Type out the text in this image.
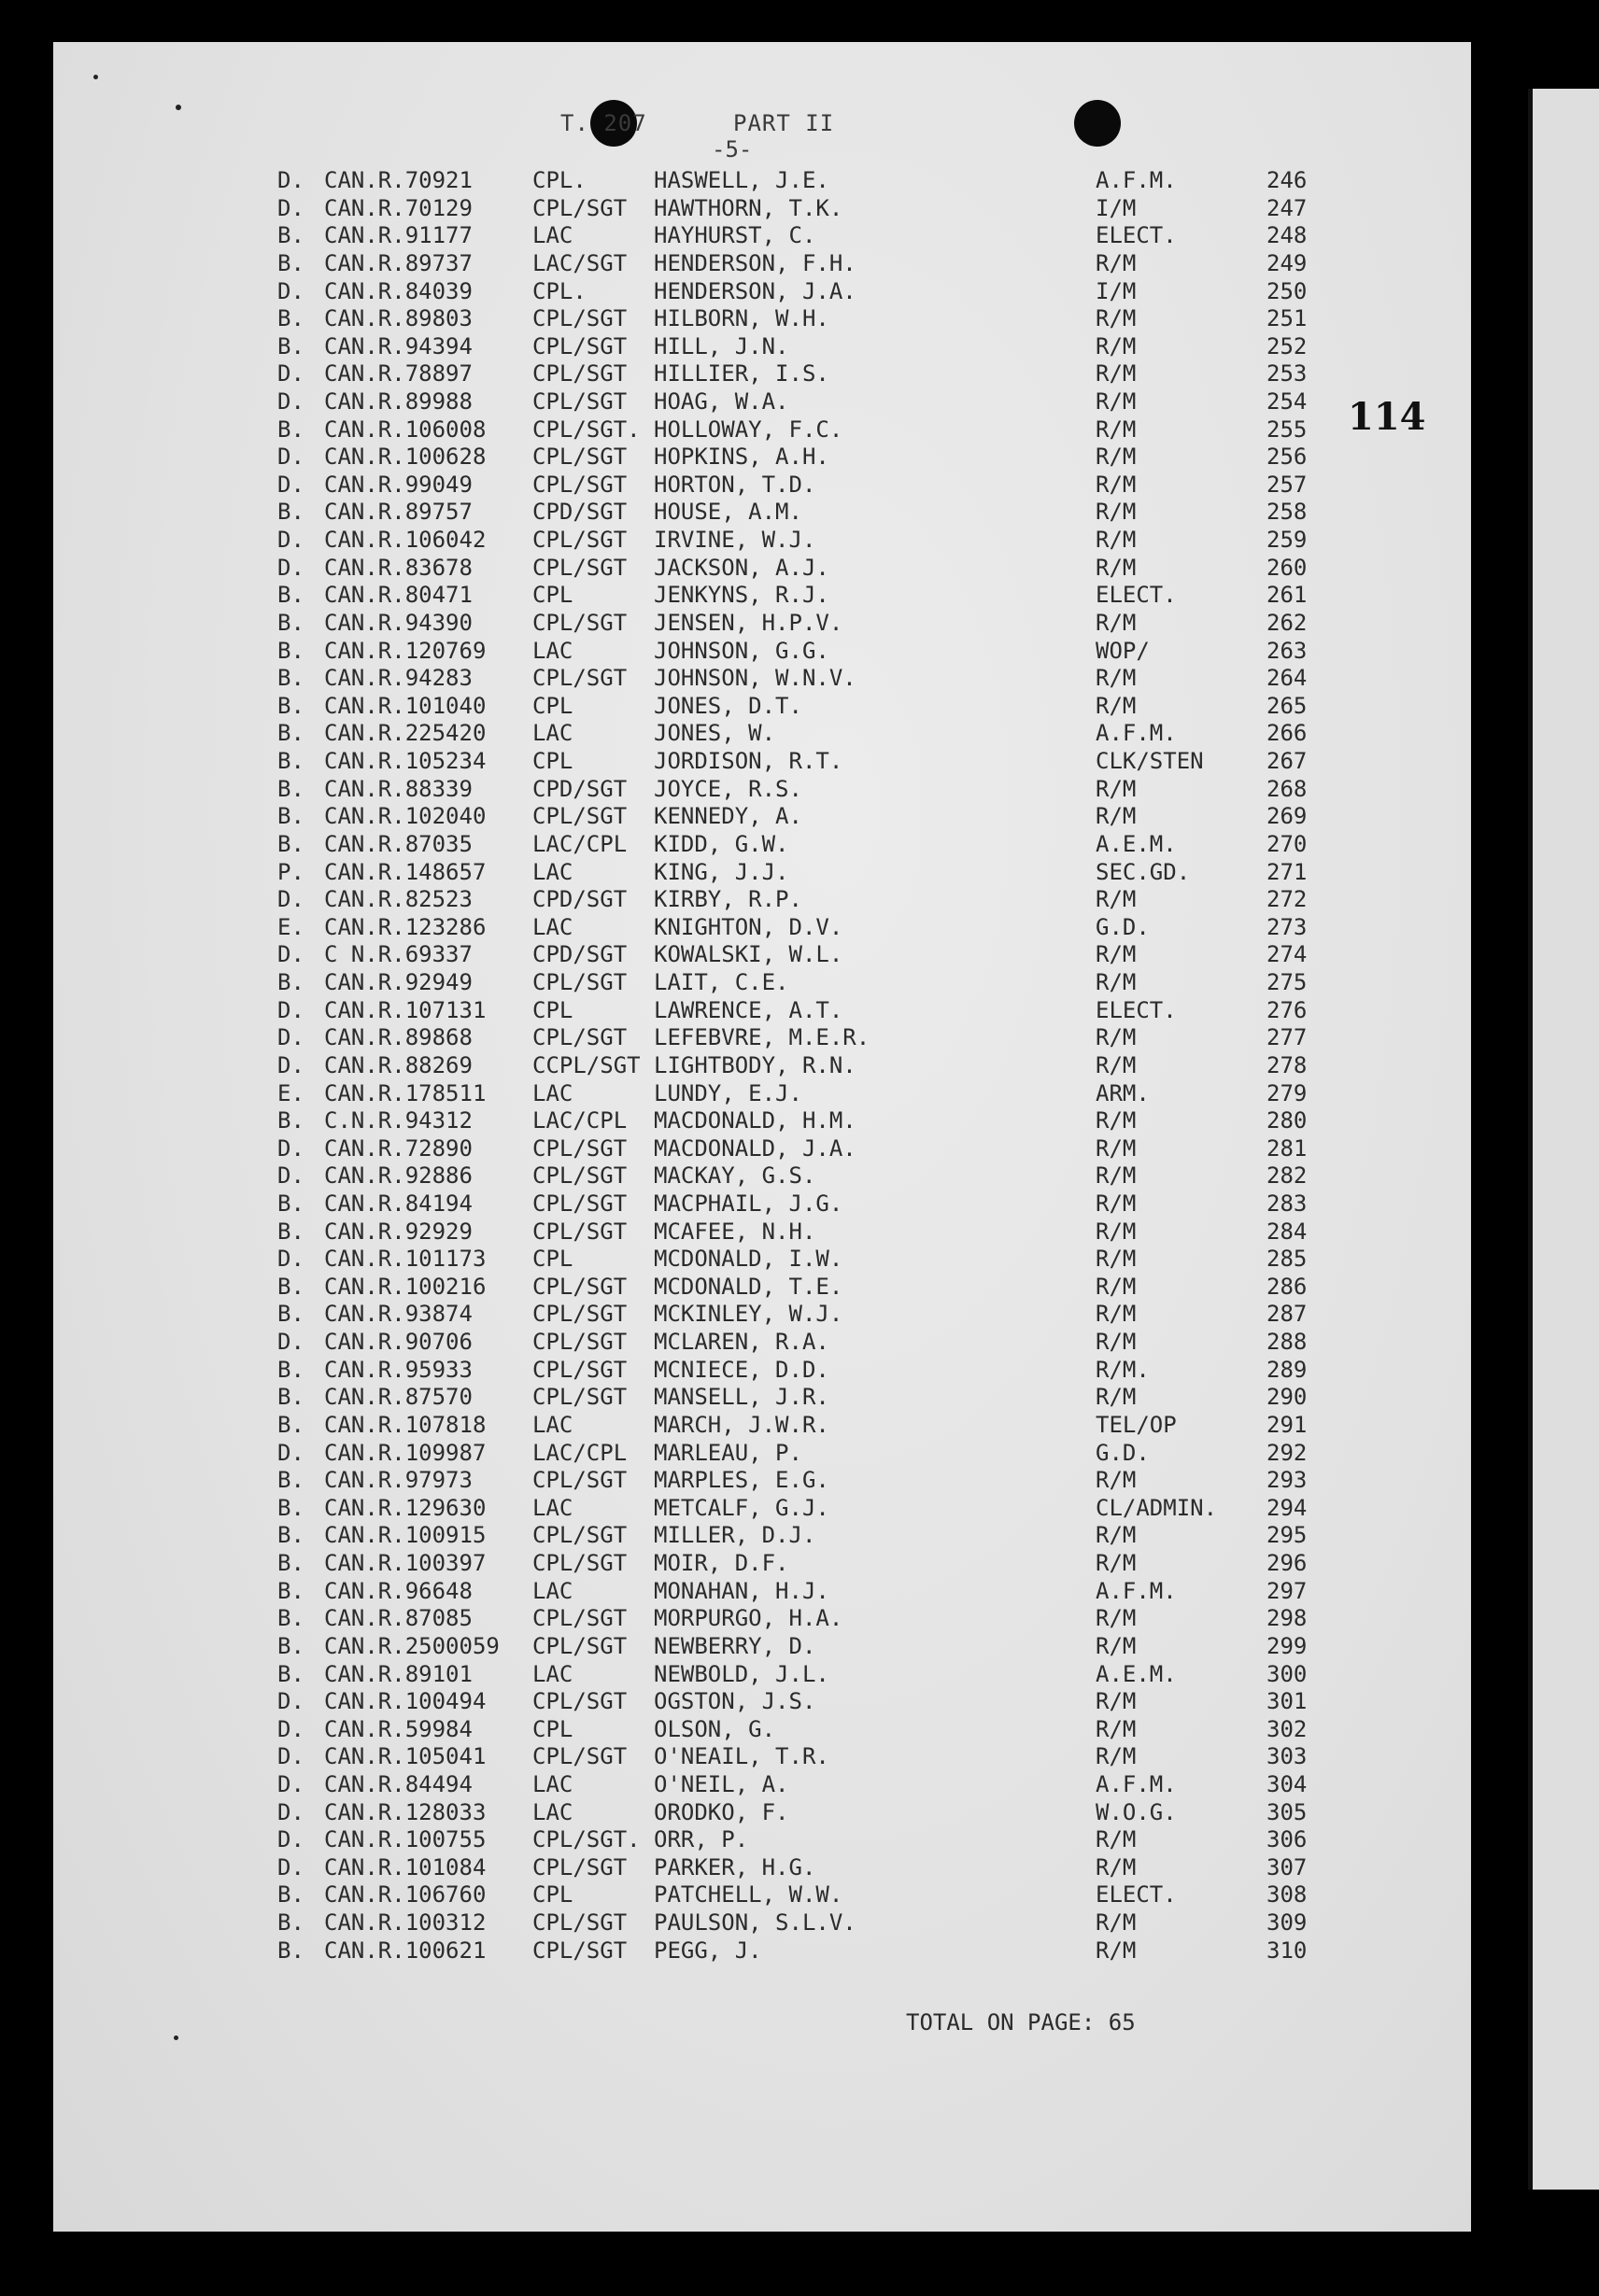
T. 207	PART II
-5-
114
D. CAN.R.70921	CPL.	HASWELL, J.E.	A.F.M.	246
D. CAN.R.70129	CPL/SGT HAWTHORN, T.K.	I/M	247
B. CAN.R.91177	LAC	HAYHURST, C.	ELECT.	248
B. CAN.R.89737	LAC/SGT HENDERSON, F.H.	R/M	249
D. CAN.R.84039	CPL.	HENDERSON, J.A.	I/M	250
B. CAN.R.89803	CPL/SGT HILBORN, W.H.	R/M	251
B. CAN.R.94394	CPL/SGT HILL, J.N.	R/M	252
D. CAN.R.78897	CPL/SGT HILLIER, I.S.	R/M	253
D. CAN.R.89988	CPL/SGT HOAG, W.A.	R/M	254
B. CAN.R.106008 CPL/SGT. HOLLOWAY, F.C.	R/M	255
D. CAN.R.100628 CPL/SGT HOPKINS, A.H.	R/M	256
D. CAN.R.99049	CPL/SGT HORTON, T.D.	R/M	257
B. CAN.R.89757	CPD/SGT HOUSE, A.M.	R/M	258
D. CAN.R.106042 CPL/SGT IRVINE, W.J.	R/M	259
D. CAN.R.83678	CPL/SGT JACKSON, A.J.	R/M	260
B. CAN.R.80471	CPL	JENKYNS, R.J.	ELECT.	261
B. CAN.R.94390	CPL/SGT JENSEN, H.P.V.	R/M	262
B. CAN.R.120769 LAC	JOHNSON, G.G.	WOP/	263
B. CAN.R.94283	CPL/SGT JOHNSON, W.N.V.	R/M	264
B. CAN.R.101040 CPL	JONES, D.T.	R/M	265
B. CAN.R.225420 LAC	JONES, W.	A.F.M.	266
B. CAN.R.105234 CPL	JORDISON, R.T.	CLK/STEN	267
B. CAN.R.88339	CPD/SGT JOYCE, R.S.	R/M	268
B. CAN.R.102040 CPL/SGT KENNEDY, A.	R/M	269
B. CAN.R.87035	LAC/CPL KIDD, G.W.	A.E.M.	270
P. CAN.R.148657 LAC	KING, J.J.	SEC.GD.	271
D. CAN.R.82523	CPD/SGT KIRBY, R.P.	R/M	272
E. CAN.R.123286 LAC	KNIGHTON, D.V.	G.D.	273
D. C N.R.69337	CPD/SGT KOWALSKI, W.L.	R/M	274
B. CAN.R.92949	CPL/SGT LAIT, C.E.	R/M	275
D. CAN.R.107131 CPL	LAWRENCE, A.T.	ELECT.	276
D. CAN.R.89868	CPL/SGT LEFEBVRE, M.E.R.	R/M	277
D. CAN.R.88269	CCPL/SGT LIGHTBODY, R.N.	R/M	278
E. CAN.R.178511 LAC	LUNDY, E.J.	ARM.	279
B. C.N.R.94312	LAC/CPL MACDONALD, H.M.	R/M	280
D. CAN.R.72890	CPL/SGT MACDONALD, J.A.	R/M	281
D. CAN.R.92886	CPL/SGT MACKAY, G.S.	R/M	282
B. CAN.R.84194	CPL/SGT MACPHAIL, J.G.	R/M	283
B. CAN.R.92929	CPL/SGT MCAFEE, N.H.	R/M	284
D. CAN.R.101173 CPL	MCDONALD, I.W.	R/M	285
B. CAN.R.100216 CPL/SGT MCDONALD, T.E.	R/M	286
B. CAN.R.93874	CPL/SGT MCKINLEY, W.J.	R/M	287
D. CAN.R.90706	CPL/SGT MCLAREN, R.A.	R/M	288
B. CAN.R.95933	CPL/SGT MCNIECE, D.D.	R/M.	289
B. CAN.R.87570	CPL/SGT MANSELL, J.R.	R/M	290
B. CAN.R.107818 LAC	MARCH, J.W.R.	TEL/OP	291
D. CAN.R.109987 LAC/CPL MARLEAU, P.	G.D.	292
B. CAN.R.97973	CPL/SGT MARPLES, E.G.	R/M	293
B. CAN.R.129630 LAC	METCALF, G.J.	CL/ADMIN. 294
B. CAN.R.100915 CPL/SGT MILLER, D.J.	R/M	295
B. CAN.R.100397 CPL/SGT MOIR, D.F.	R/M	296
B. CAN.R.96648	LAC	MONAHAN, H.J.	A.F.M.	297
B. CAN.R.87085	CPL/SGT MORPURGO, H.A.	R/M	298
B. CAN.R.2500059 CPL/SGT NEWBERRY, D.	R/M	299
B. CAN.R.89101	LAC	NEWBOLD, J.L.	A.E.M.	300
D. CAN.R.100494 CPL/SGT OGSTON, J.S.	R/M	301
D. CAN.R.59984	CPL	OLSON, G.	R/M	302
D. CAN.R.105041 CPL/SGT O'NEAIL, T.R.	R/M	303
D. CAN.R.84494	LAC	O'NEIL, A.	A.F.M.	304
D. CAN.R.128033 LAC	ORODKO, F.	W.O.G.	305
D. CAN.R.100755 CPL/SGT. ORR, P.	R/M	306
D. CAN.R.101084 CPL/SGT PARKER, H.G.	R/M	307
B. CAN.R.106760 CPL	PATCHELL, W.W.	ELECT.	308
B. CAN.R.100312 CPL/SGT PAULSON, S.L.V.	R/M	309
B. CAN.R.100621 CPL/SGT PEGG, J.	R/M	310
TOTAL ON PAGE: 65
